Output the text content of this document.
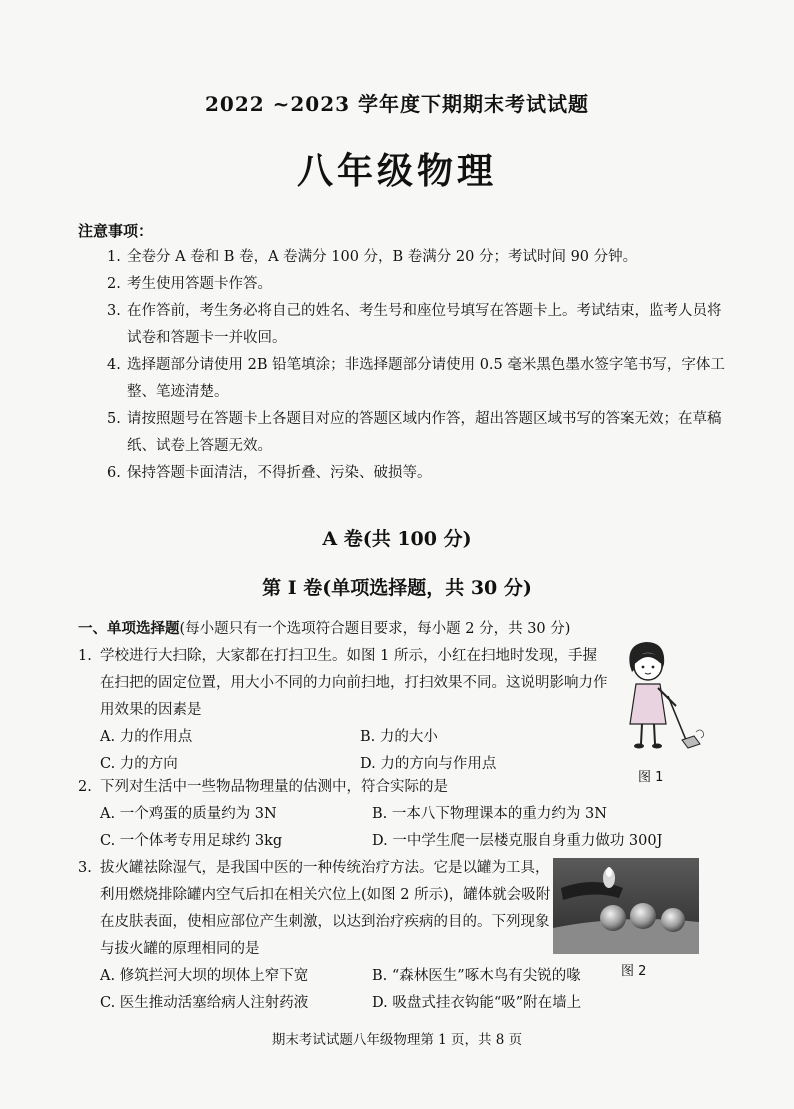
2022 ~2023 学年度下期期末考试试题
八年级物理
注意事项：
1. 全卷分 A 卷和 B 卷，A 卷满分 100 分，B 卷满分 20 分；考试时间 90 分钟。
2. 考生使用答题卡作答。
3. 在作答前，考生务必将自己的姓名、考生号和座位号填写在答题卡上。考试结束，监考人员将试卷和答题卡一并收回。
4. 选择题部分请使用 2B 铅笔填涂；非选择题部分请使用 0.5 毫米黑色墨水签字笔书写，字体工整、笔迹清楚。
5. 请按照题号在答题卡上各题目对应的答题区域内作答，超出答题区域书写的答案无效；在草稿纸、试卷上答题无效。
6. 保持答题卡面清洁，不得折叠、污染、破损等。
A 卷(共 100 分)
第 Ⅰ 卷(单项选择题，共 30 分)
一、单项选择题(每小题只有一个选项符合题目要求，每小题 2 分，共 30 分)
1. 学校进行大扫除，大家都在打扫卫生。如图 1 所示，小红在扫地时发现，手握在扫把的固定位置，用大小不同的力向前扫地，打扫效果不同。这说明影响力作用效果的因素是
A. 力的作用点	B. 力的大小
C. 力的方向	D. 力的方向与作用点
图 1
2. 下列对生活中一些物品物理量的估测中，符合实际的是
A. 一个鸡蛋的质量约为 3N	B. 一本八下物理课本的重力约为 3N
C. 一个体考专用足球约 3kg	D. 一中学生爬一层楼克服自身重力做功 300J
3. 拔火罐祛除湿气，是我国中医的一种传统治疗方法。它是以罐为工具，利用燃烧排除罐内空气后扣在相关穴位上(如图 2 所示)，罐体就会吸附在皮肤表面，使相应部位产生刺激，以达到治疗疾病的目的。下列现象与拔火罐的原理相同的是
A. 修筑拦河大坝的坝体上窄下宽	B. “森林医生”啄木鸟有尖锐的喙
C. 医生推动活塞给病人注射药液	D. 吸盘式挂衣钩能“吸”附在墙上
图 2
期末考试试题八年级物理第 1 页，共 8 页
